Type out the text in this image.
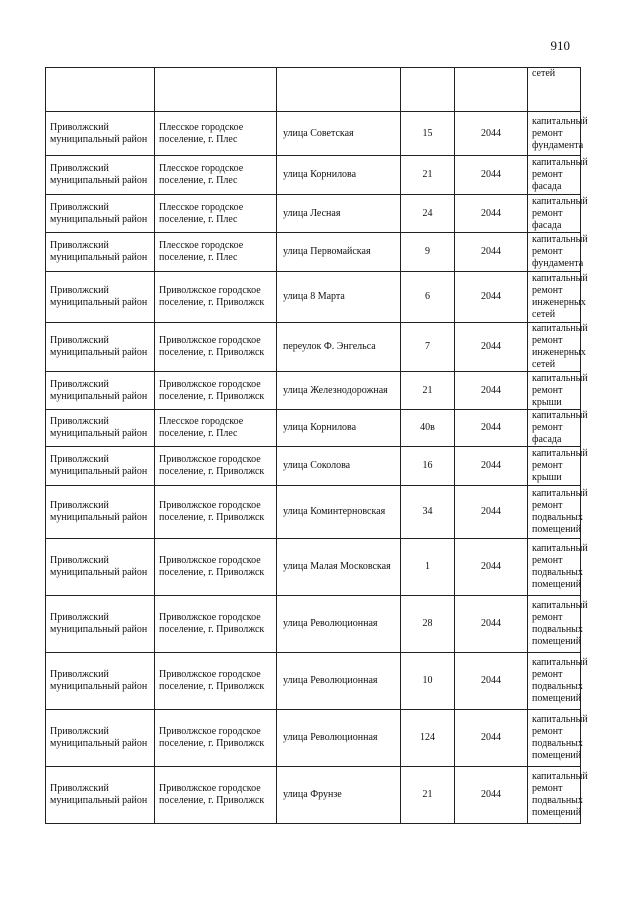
910

					сетей

Приволжский муниципальный район	Плесское городское поселение, г. Плес	улица Советская	15	2044	капитальный ремонт фундамента

Приволжский муниципальный район	Плесское городское поселение, г. Плес	улица Корнилова	21	2044	капитальный ремонт фасада

Приволжский муниципальный район	Плесское городское поселение, г. Плес	улица Лесная	24	2044	капитальный ремонт фасада

Приволжский муниципальный район	Плесское городское поселение, г. Плес	улица Первомайская	9	2044	капитальный ремонт фундамента

Приволжский муниципальный район	Приволжское городское поселение, г. Приволжск	улица 8 Марта	6	2044	капитальный ремонт инженерных сетей

Приволжский муниципальный район	Приволжское городское поселение, г. Приволжск	переулок Ф. Энгельса	7	2044	капитальный ремонт инженерных сетей

Приволжский муниципальный район	Приволжское городское поселение, г. Приволжск	улица Железнодорожная	21	2044	капитальный ремонт крыши

Приволжский муниципальный район	Плесское городское поселение, г. Плес	улица Корнилова	40в	2044	капитальный ремонт фасада

Приволжский муниципальный район	Приволжское городское поселение, г. Приволжск	улица Соколова	16	2044	капитальный ремонт крыши

Приволжский муниципальный район	Приволжское городское поселение, г. Приволжск	улица Коминтерновская	34	2044	капитальный ремонт подвальных помещений

Приволжский муниципальный район	Приволжское городское поселение, г. Приволжск	улица Малая Московская	1	2044	капитальный ремонт подвальных помещений

Приволжский муниципальный район	Приволжское городское поселение, г. Приволжск	улица Революционная	28	2044	капитальный ремонт подвальных помещений

Приволжский муниципальный район	Приволжское городское поселение, г. Приволжск	улица Революционная	10	2044	капитальный ремонт подвальных помещений

Приволжский муниципальный район	Приволжское городское поселение, г. Приволжск	улица Революционная	124	2044	капитальный ремонт подвальных помещений

Приволжский муниципальный район	Приволжское городское поселение, г. Приволжск	улица Фрунзе	21	2044	капитальный ремонт подвальных помещений
